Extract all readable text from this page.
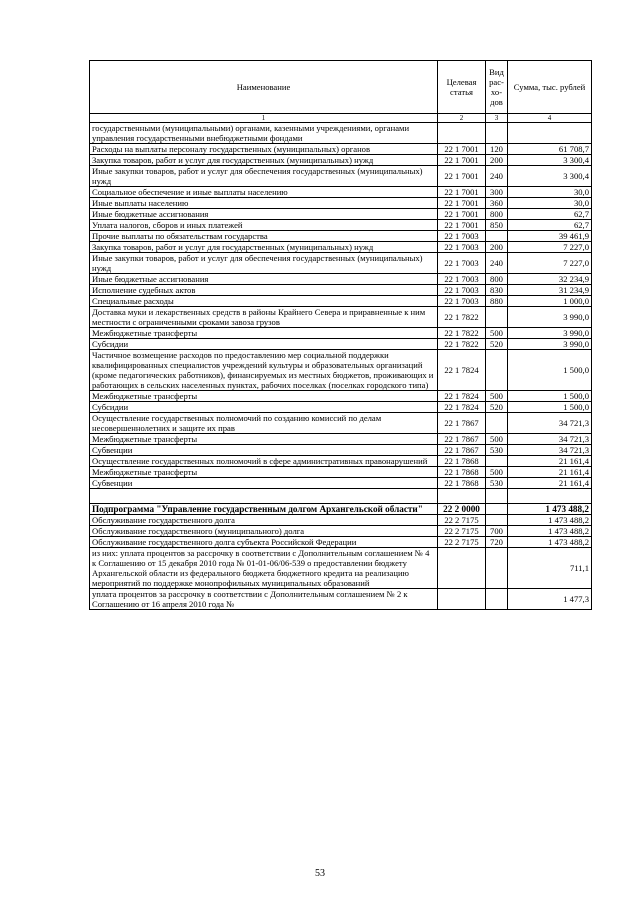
Наименование	Целевая статья	Вид рас-хо-дов	Сумма, тыс. рублей
1	2	3	4
государственными (муниципальными) органами, казенными учреждениями, органами управления государственными внебюджетными фондами			
Расходы на выплаты персоналу государственных (муниципальных) органов	22 1 7001	120	61 708,7
Закупка товаров, работ и услуг для государственных (муниципальных) нужд	22 1 7001	200	3 300,4
Иные закупки товаров, работ и услуг для обеспечения государственных (муниципальных) нужд	22 1 7001	240	3 300,4
Социальное обеспечение и иные выплаты населению	22 1 7001	300	30,0
Иные выплаты населению	22 1 7001	360	30,0
Иные бюджетные ассигнования	22 1 7001	800	62,7
Уплата налогов, сборов и иных платежей	22 1 7001	850	62,7
Прочие выплаты по обязательствам государства	22 1 7003		39 461,9
Закупка товаров, работ и услуг для государственных (муниципальных) нужд	22 1 7003	200	7 227,0
Иные закупки товаров, работ и услуг для обеспечения государственных (муниципальных) нужд	22 1 7003	240	7 227,0
Иные бюджетные ассигнования	22 1 7003	800	32 234,9
Исполнение судебных актов	22 1 7003	830	31 234,9
Специальные расходы	22 1 7003	880	1 000,0
Доставка муки и лекарственных средств в районы Крайнего Севера и приравненные к ним местности с ограниченными сроками завоза грузов	22 1 7822		3 990,0
Межбюджетные трансферты	22 1 7822	500	3 990,0
Субсидии	22 1 7822	520	3 990,0
Частичное возмещение расходов по предоставлению мер социальной поддержки квалифицированных специалистов учреждений культуры и образовательных организаций (кроме педагогических работников), финансируемых из местных бюджетов, проживающих и работающих в сельских населенных пунктах, рабочих поселках (поселках городского типа)	22 1 7824		1 500,0
Межбюджетные трансферты	22 1 7824	500	1 500,0
Субсидии	22 1 7824	520	1 500,0
Осуществление государственных полномочий по созданию комиссий по делам несовершеннолетних и защите их прав	22 1 7867		34 721,3
Межбюджетные трансферты	22 1 7867	500	34 721,3
Субвенции	22 1 7867	530	34 721,3
Осуществление государственных полномочий в сфере административных правонарушений	22 1 7868		21 161,4
Межбюджетные трансферты	22 1 7868	500	21 161,4
Субвенции	22 1 7868	530	21 161,4

Подпрограмма "Управление государственным долгом Архангельской области"	22 2 0000		1 473 488,2
Обслуживание государственного долга	22 2 7175		1 473 488,2
Обслуживание государственного (муниципального) долга	22 2 7175	700	1 473 488,2
Обслуживание государственного долга субъекта Российской Федерации	22 2 7175	720	1 473 488,2
из них: уплата процентов за рассрочку в соответствии с Дополнительным соглашением № 4 к Соглашению от 15 декабря 2010 года № 01-01-06/06-539 о предоставлении бюджету Архангельской области из федерального бюджета бюджетного кредита на реализацию мероприятий по поддержке монопрофильных муниципальных образований			711,1
уплата процентов за рассрочку в соответствии с Дополнительным соглашением № 2 к Соглашению от 16 апреля 2010 года №			1 477,3
53
